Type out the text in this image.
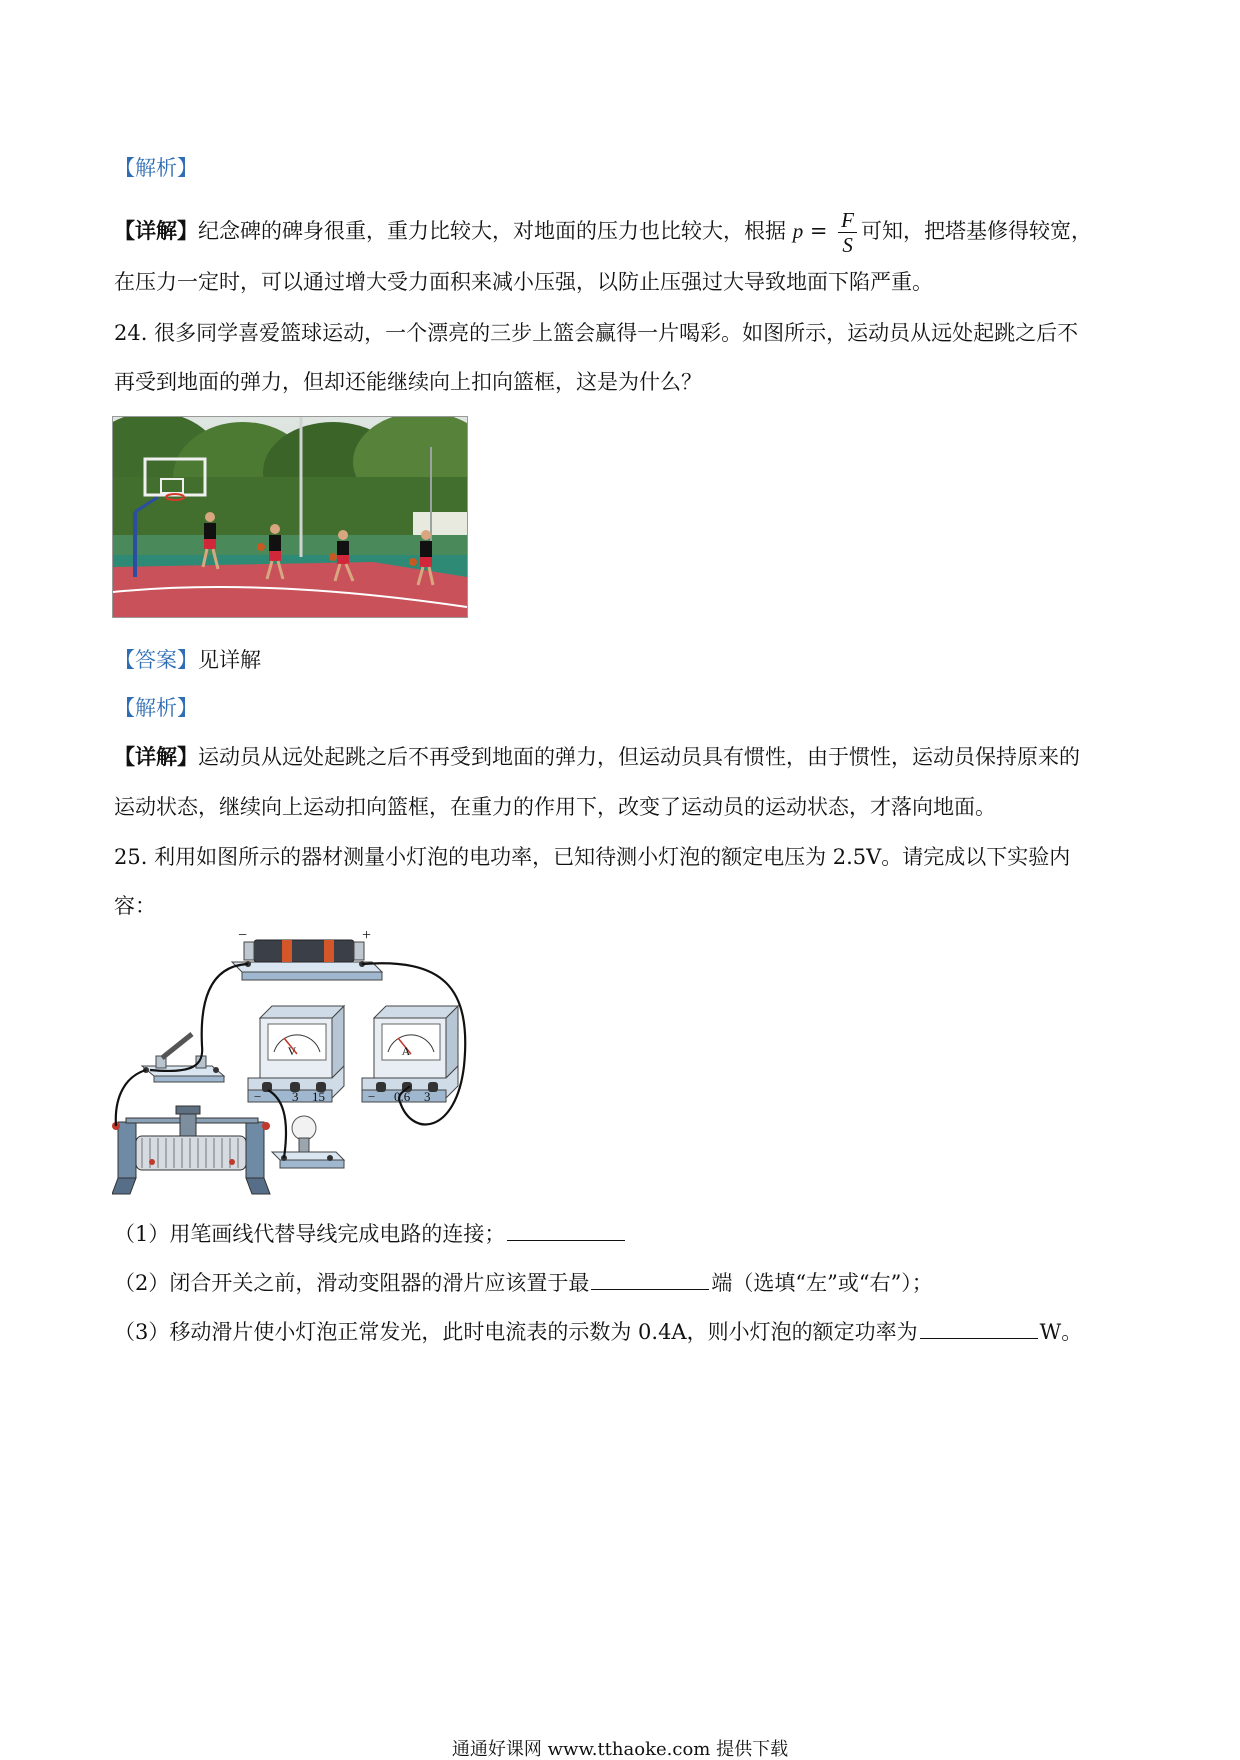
【解析】
【详解】纪念碑的碑身很重，重力比较大，对地面的压力也比较大，根据 $p = \frac{F}{S}$ 可知，把塔基修得较宽，
在压力一定时，可以通过增大受力面积来减小压强，以防止压强过大导致地面下陷严重。
24. 很多同学喜爱篮球运动，一个漂亮的三步上篮会赢得一片喝彩。如图所示，运动员从远处起跳之后不
再受到地面的弹力，但却还能继续向上扣向篮框，这是为什么？
【答案】见详解
【解析】
【详解】运动员从远处起跳之后不再受到地面的弹力，但运动员具有惯性，由于惯性，运动员保持原来的
运动状态，继续向上运动扣向篮框，在重力的作用下，改变了运动员的运动状态，才落向地面。
25. 利用如图所示的器材测量小灯泡的电功率，已知待测小灯泡的额定电压为 2.5V。请完成以下实验内
容：
−	+
V
− 3 15
A
− 0.6 3
（1）用笔画线代替导线完成电路的连接；
（2）闭合开关之前，滑动变阻器的滑片应该置于最	端（选填“左”或“右”）；
（3）移动滑片使小灯泡正常发光，此时电流表的示数为 0.4A，则小灯泡的额定功率为	W。
通通好课网 www.tthaoke.com 提供下载
